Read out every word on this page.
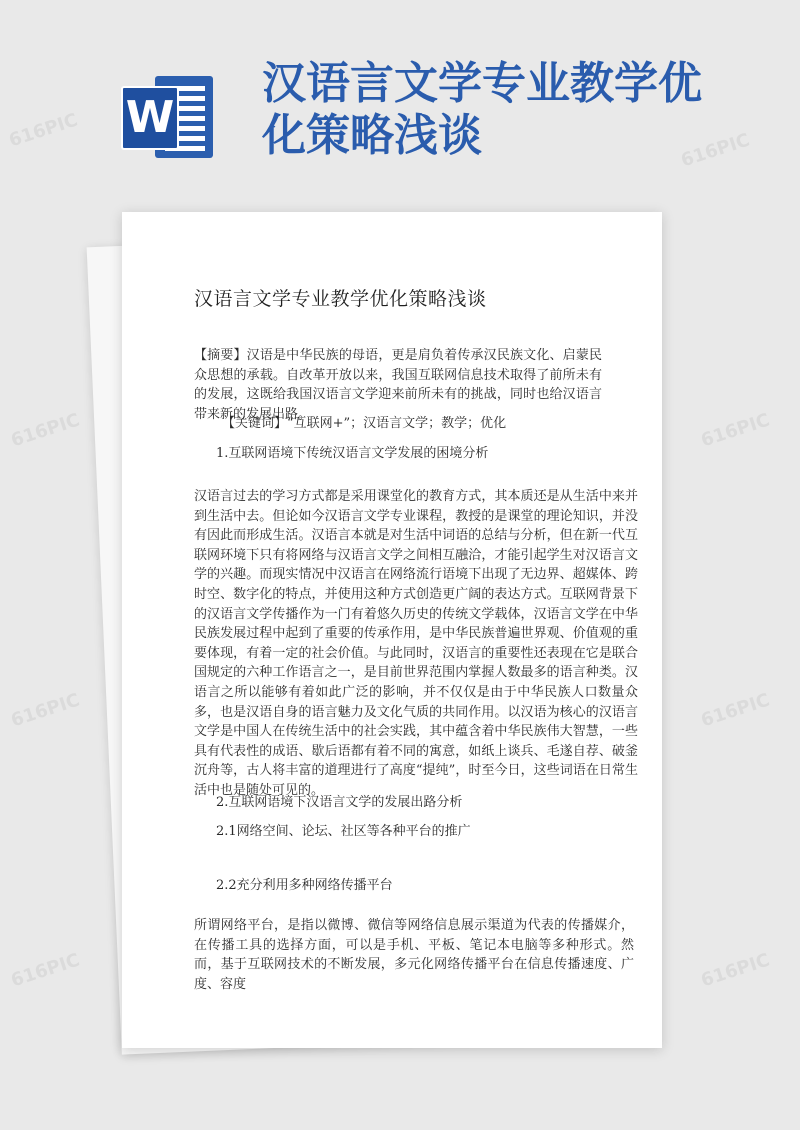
W
汉语言文学专业教学优化策略浅谈
616PIC	616PIC
616PIC	616PIC
616PIC	616PIC
616PIC	616PIC
汉语言文学专业教学优化策略浅谈

【摘要】汉语是中华民族的母语，更是肩负着传承汉民族文化、启蒙民众思想的承载。自改革开放以来，我国互联网信息技术取得了前所未有的发展，这既给我国汉语言文学迎来前所未有的挑战，同时也给汉语言带来新的发展出路。

【关键词】“互联网+”；汉语言文学；教学；优化

1.互联网语境下传统汉语言文学发展的困境分析

汉语言过去的学习方式都是采用课堂化的教育方式，其本质还是从生活中来并到生活中去。但论如今汉语言文学专业课程，教授的是课堂的理论知识，并没有因此而形成生活。汉语言本就是对生活中词语的总结与分析，但在新一代互联网环境下只有将网络与汉语言文学之间相互融洽，才能引起学生对汉语言文学的兴趣。而现实情况中汉语言在网络流行语境下出现了无边界、超媒体、跨时空、数字化的特点，并使用这种方式创造更广阔的表达方式。互联网背景下的汉语言文学传播作为一门有着悠久历史的传统文学载体，汉语言文学在中华民族发展过程中起到了重要的传承作用，是中华民族普遍世界观、价值观的重要体现，有着一定的社会价值。与此同时，汉语言的重要性还表现在它是联合国规定的六种工作语言之一，是目前世界范围内掌握人数最多的语言种类。汉语言之所以能够有着如此广泛的影响，并不仅仅是由于中华民族人口数量众多，也是汉语自身的语言魅力及文化气质的共同作用。以汉语为核心的汉语言文学是中国人在传统生活中的社会实践，其中蕴含着中华民族伟大智慧，一些具有代表性的成语、歇后语都有着不同的寓意，如纸上谈兵、毛遂自荐、破釜沉舟等，古人将丰富的道理进行了高度“提纯”，时至今日，这些词语在日常生活中也是随处可见的。

2.互联网语境下汉语言文学的发展出路分析

2.1网络空间、论坛、社区等各种平台的推广

2.2充分利用多种网络传播平台

所谓网络平台，是指以微博、微信等网络信息展示渠道为代表的传播媒介，在传播工具的选择方面，可以是手机、平板、笔记本电脑等多种形式。然而，基于互联网技术的不断发展，多元化网络传播平台在信息传播速度、广度、容度
